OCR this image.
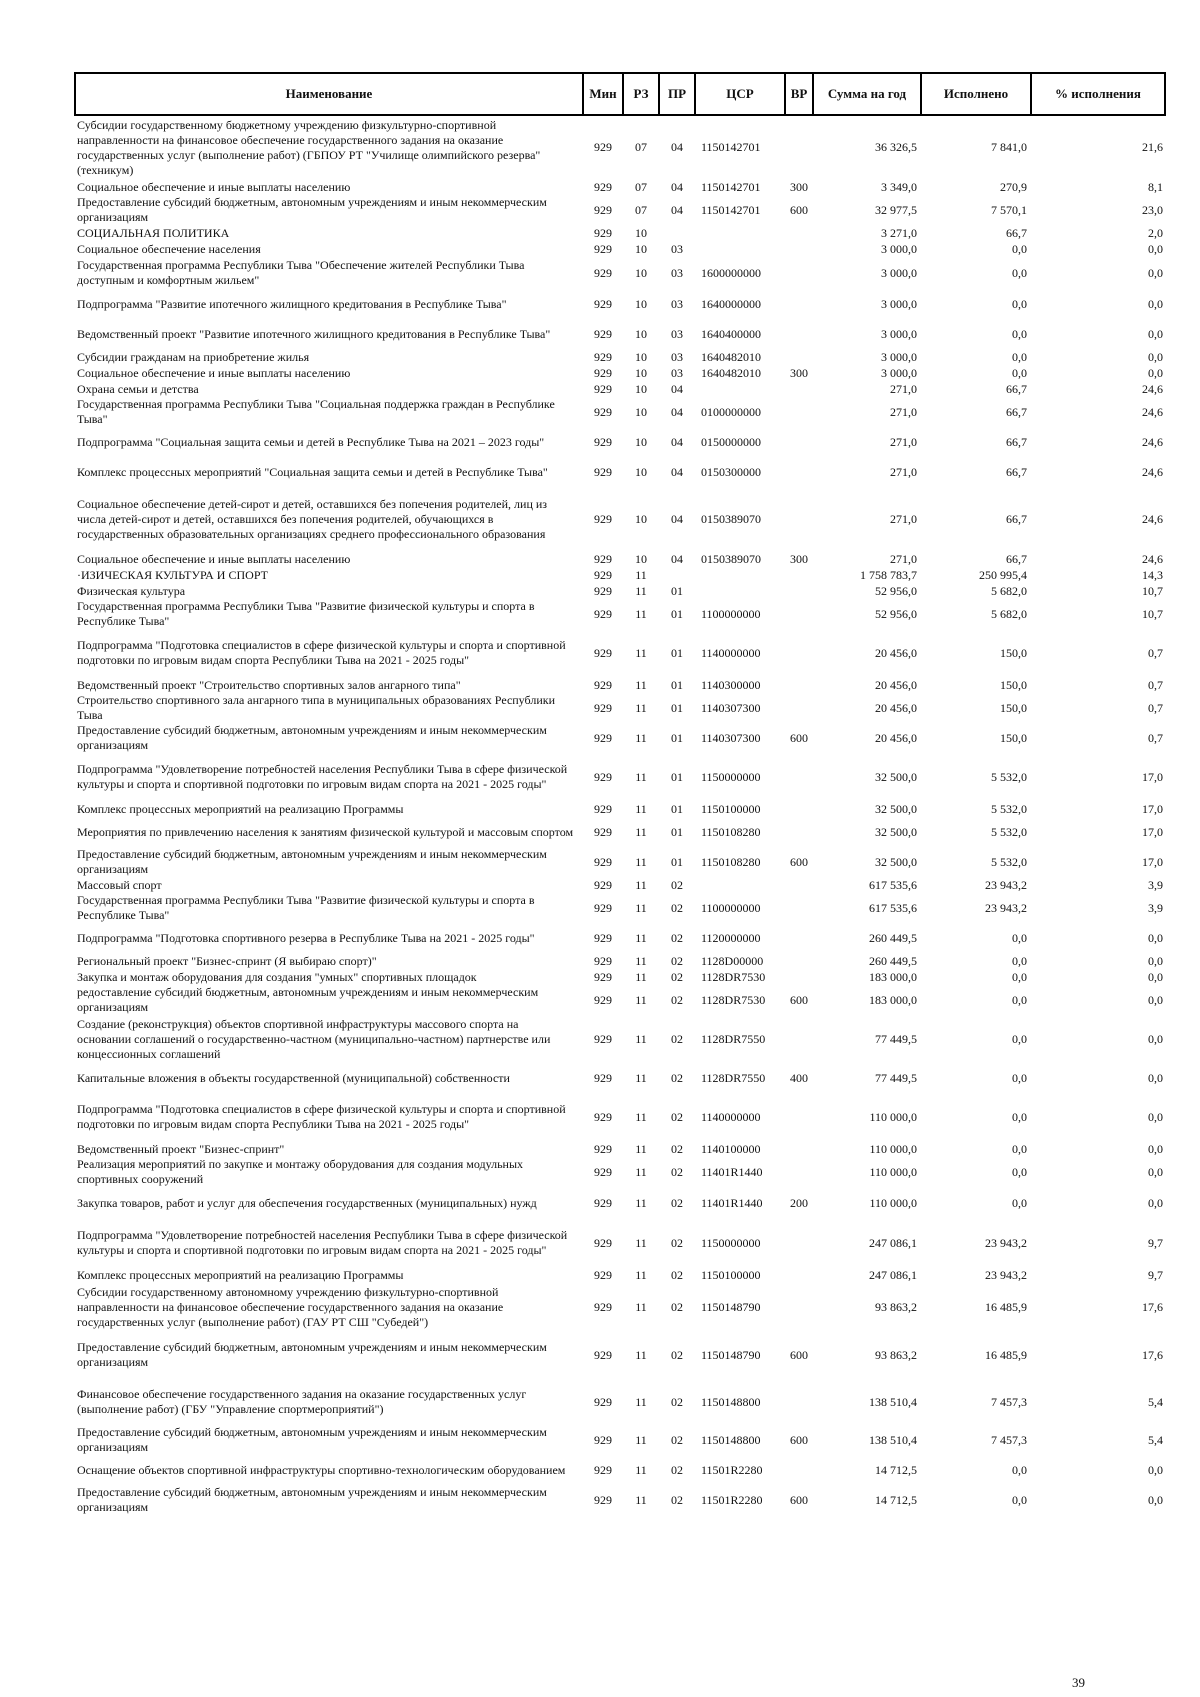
Наименование	Мин	РЗ	ПР	ЦСР	ВР	Сумма на год	Исполнено	% исполнения
Субсидии государственному бюджетному учреждению физкультурно-спортивной направленности на финансовое обеспечение государственного задания на оказание государственных услуг (выполнение работ) (ГБПОУ РТ "Училище олимпийского резерва" (техникум)	929	07	04	1150142701		36 326,5	7 841,0	21,6
Социальное обеспечение и иные выплаты населению	929	07	04	1150142701	300	3 349,0	270,9	8,1
Предоставление субсидий бюджетным, автономным учреждениям и иным некоммерческим организациям	929	07	04	1150142701	600	32 977,5	7 570,1	23,0
СОЦИАЛЬНАЯ ПОЛИТИКА	929	10				3 271,0	66,7	2,0
Социальное обеспечение населения	929	10	03			3 000,0	0,0	0,0
Государственная программа Республики Тыва "Обеспечение жителей Республики Тыва доступным и комфортным жильем"	929	10	03	1600000000		3 000,0	0,0	0,0
Подпрограмма "Развитие ипотечного жилищного кредитования в Республике Тыва"	929	10	03	1640000000		3 000,0	0,0	0,0
Ведомственный проект "Развитие ипотечного жилищного кредитования в Республике Тыва"	929	10	03	1640400000		3 000,0	0,0	0,0
Субсидии гражданам на приобретение жилья	929	10	03	1640482010		3 000,0	0,0	0,0
Социальное обеспечение и иные выплаты населению	929	10	03	1640482010	300	3 000,0	0,0	0,0
Охрана семьи и детства	929	10	04			271,0	66,7	24,6
Государственная программа Республики Тыва "Социальная поддержка граждан в Республике Тыва"	929	10	04	0100000000		271,0	66,7	24,6
Подпрограмма "Социальная защита семьи и детей в Республике Тыва на 2021 – 2023 годы"	929	10	04	0150000000		271,0	66,7	24,6
Комплекс процессных мероприятий "Социальная защита семьи и детей в Республике Тыва"	929	10	04	0150300000		271,0	66,7	24,6
Социальное обеспечение детей-сирот и детей, оставшихся без попечения родителей, лиц из числа детей-сирот и детей, оставшихся без попечения родителей, обучающихся в государственных образовательных организациях среднего профессионального образования	929	10	04	0150389070		271,0	66,7	24,6
Социальное обеспечение и иные выплаты населению	929	10	04	0150389070	300	271,0	66,7	24,6
·ИЗИЧЕСКАЯ КУЛЬТУРА И СПОРТ	929	11				1 758 783,7	250 995,4	14,3
Физическая культура	929	11	01			52 956,0	5 682,0	10,7
Государственная программа Республики Тыва "Развитие физической культуры и спорта в Республике Тыва"	929	11	01	1100000000		52 956,0	5 682,0	10,7
Подпрограмма "Подготовка специалистов в сфере физической культуры и спорта и спортивной подготовки по игровым видам спорта Республики Тыва на 2021 - 2025 годы"	929	11	01	1140000000		20 456,0	150,0	0,7
Ведомственный проект "Строительство спортивных залов ангарного типа"	929	11	01	1140300000		20 456,0	150,0	0,7
Строительство спортивного зала ангарного типа в муниципальных образованиях Республики Тыва	929	11	01	1140307300		20 456,0	150,0	0,7
Предоставление субсидий бюджетным, автономным учреждениям и иным некоммерческим организациям	929	11	01	1140307300	600	20 456,0	150,0	0,7
Подпрограмма "Удовлетворение потребностей населения Республики Тыва в сфере физической культуры и спорта и спортивной подготовки по игровым видам спорта на 2021 - 2025 годы"	929	11	01	1150000000		32 500,0	5 532,0	17,0
Комплекс процессных мероприятий на реализацию Программы	929	11	01	1150100000		32 500,0	5 532,0	17,0
Мероприятия по привлечению населения к занятиям физической культурой и массовым спортом	929	11	01	1150108280		32 500,0	5 532,0	17,0
Предоставление субсидий бюджетным, автономным учреждениям и иным некоммерческим организациям	929	11	01	1150108280	600	32 500,0	5 532,0	17,0
Массовый спорт	929	11	02			617 535,6	23 943,2	3,9
Государственная программа Республики Тыва "Развитие физической культуры и спорта в Республике Тыва"	929	11	02	1100000000		617 535,6	23 943,2	3,9
Подпрограмма "Подготовка спортивного резерва в Республике Тыва на 2021 - 2025 годы"	929	11	02	1120000000		260 449,5	0,0	0,0
Региональный проект "Бизнес-спринт (Я выбираю спорт)"	929	11	02	1128D00000		260 449,5	0,0	0,0
Закупка и монтаж оборудования для создания "умных" спортивных площадок	929	11	02	1128DR7530		183 000,0	0,0	0,0
редоставление субсидий бюджетным, автономным учреждениям и иным некоммерческим организациям	929	11	02	1128DR7530	600	183 000,0	0,0	0,0
Создание (реконструкция) объектов спортивной инфраструктуры массового спорта на основании соглашений о государственно-частном (муниципально-частном) партнерстве или концессионных соглашений	929	11	02	1128DR7550		77 449,5	0,0	0,0
Капитальные вложения в объекты государственной (муниципальной) собственности	929	11	02	1128DR7550	400	77 449,5	0,0	0,0
Подпрограмма "Подготовка специалистов в сфере физической культуры и спорта и спортивной подготовки по игровым видам спорта Республики Тыва на 2021 - 2025 годы"	929	11	02	1140000000		110 000,0	0,0	0,0
Ведомственный проект "Бизнес-спринт"	929	11	02	1140100000		110 000,0	0,0	0,0
Реализация мероприятий по закупке и монтажу оборудования для создания модульных спортивных сооружений	929	11	02	11401R1440		110 000,0	0,0	0,0
Закупка товаров, работ и услуг для обеспечения государственных (муниципальных) нужд	929	11	02	11401R1440	200	110 000,0	0,0	0,0
Подпрограмма "Удовлетворение потребностей населения Республики Тыва в сфере физической культуры и спорта и спортивной подготовки по игровым видам спорта на 2021 - 2025 годы"	929	11	02	1150000000		247 086,1	23 943,2	9,7
Комплекс процессных мероприятий на реализацию Программы	929	11	02	1150100000		247 086,1	23 943,2	9,7
Субсидии государственному автономному учреждению физкультурно-спортивной направленности на финансовое обеспечение государственного задания на оказание государственных услуг (выполнение работ) (ГАУ РТ СШ "Субедей")	929	11	02	1150148790		93 863,2	16 485,9	17,6
Предоставление субсидий бюджетным, автономным учреждениям и иным некоммерческим организациям	929	11	02	1150148790	600	93 863,2	16 485,9	17,6
Финансовое обеспечение государственного задания на оказание государственных услуг (выполнение работ) (ГБУ "Управление спортмероприятий")	929	11	02	1150148800		138 510,4	7 457,3	5,4
Предоставление субсидий бюджетным, автономным учреждениям и иным некоммерческим организациям	929	11	02	1150148800	600	138 510,4	7 457,3	5,4
Оснащение объектов спортивной инфраструктуры спортивно-технологическим оборудованием	929	11	02	11501R2280		14 712,5	0,0	0,0
Предоставление субсидий бюджетным, автономным учреждениям и иным некоммерческим организациям	929	11	02	11501R2280	600	14 712,5	0,0	0,0
39
